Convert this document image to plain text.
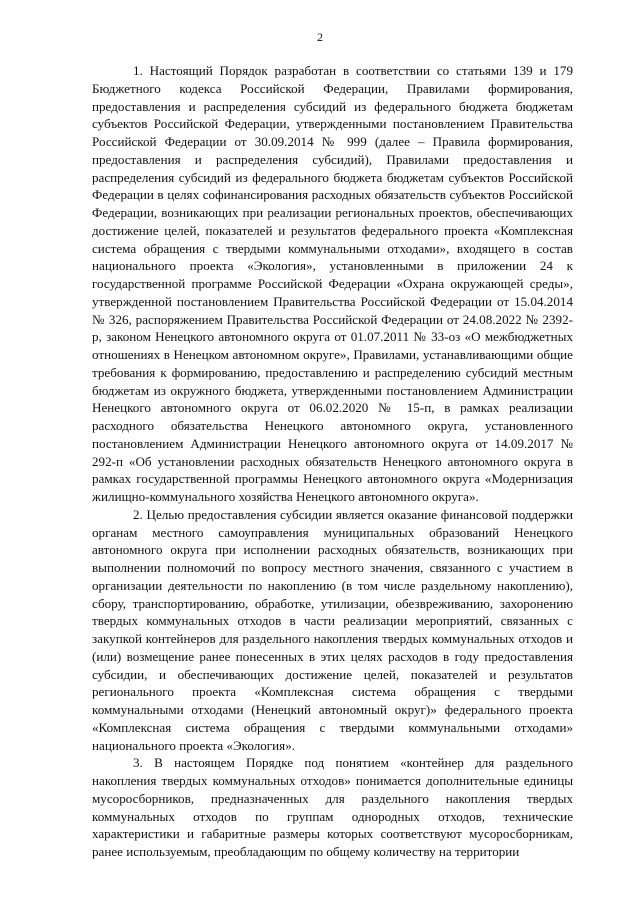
2

1. Настоящий Порядок разработан в соответствии со статьями 139 и 179 Бюджетного кодекса Российской Федерации, Правилами формирования, предоставления и распределения субсидий из федерального бюджета бюджетам субъектов Российской Федерации, утвержденными постановлением Правительства Российской Федерации от 30.09.2014 № 999 (далее – Правила формирования, предоставления и распределения субсидий), Правилами предоставления и распределения субсидий из федерального бюджета бюджетам субъектов Российской Федерации в целях софинансирования расходных обязательств субъектов Российской Федерации, возникающих при реализации региональных проектов, обеспечивающих достижение целей, показателей и результатов федерального проекта «Комплексная система обращения с твердыми коммунальными отходами», входящего в состав национального проекта «Экология», установленными в приложении 24 к государственной программе Российской Федерации «Охрана окружающей среды», утвержденной постановлением Правительства Российской Федерации от 15.04.2014 № 326, распоряжением Правительства Российской Федерации от 24.08.2022 № 2392-р, законом Ненецкого автономного округа от 01.07.2011 № 33-оз «О межбюджетных отношениях в Ненецком автономном округе», Правилами, устанавливающими общие требования к формированию, предоставлению и распределению субсидий местным бюджетам из окружного бюджета, утвержденными постановлением Администрации Ненецкого автономного округа от 06.02.2020 № 15-п, в рамках реализации расходного обязательства Ненецкого автономного округа, установленного постановлением Администрации Ненецкого автономного округа от 14.09.2017 № 292-п «Об установлении расходных обязательств Ненецкого автономного округа в рамках государственной программы Ненецкого автономного округа «Модернизация жилищно-коммунального хозяйства Ненецкого автономного округа».

2. Целью предоставления субсидии является оказание финансовой поддержки органам местного самоуправления муниципальных образований Ненецкого автономного округа при исполнении расходных обязательств, возникающих при выполнении полномочий по вопросу местного значения, связанного с участием в организации деятельности по накоплению (в том числе раздельному накоплению), сбору, транспортированию, обработке, утилизации, обезвреживанию, захоронению твердых коммунальных отходов в части реализации мероприятий, связанных с закупкой контейнеров для раздельного накопления твердых коммунальных отходов и (или) возмещение ранее понесенных в этих целях расходов в году предоставления субсидии, и обеспечивающих достижение целей, показателей и результатов регионального проекта «Комплексная система обращения с твердыми коммунальными отходами (Ненецкий автономный округ)» федерального проекта «Комплексная система обращения с твердыми коммунальными отходами» национального проекта «Экология».

3. В настоящем Порядке под понятием «контейнер для раздельного накопления твердых коммунальных отходов» понимается дополнительные единицы мусоросборников, предназначенных для раздельного накопления твердых коммунальных отходов по группам однородных отходов, технические характеристики и габаритные размеры которых соответствуют мусоросборникам, ранее используемым, преобладающим по общему количеству на территории
